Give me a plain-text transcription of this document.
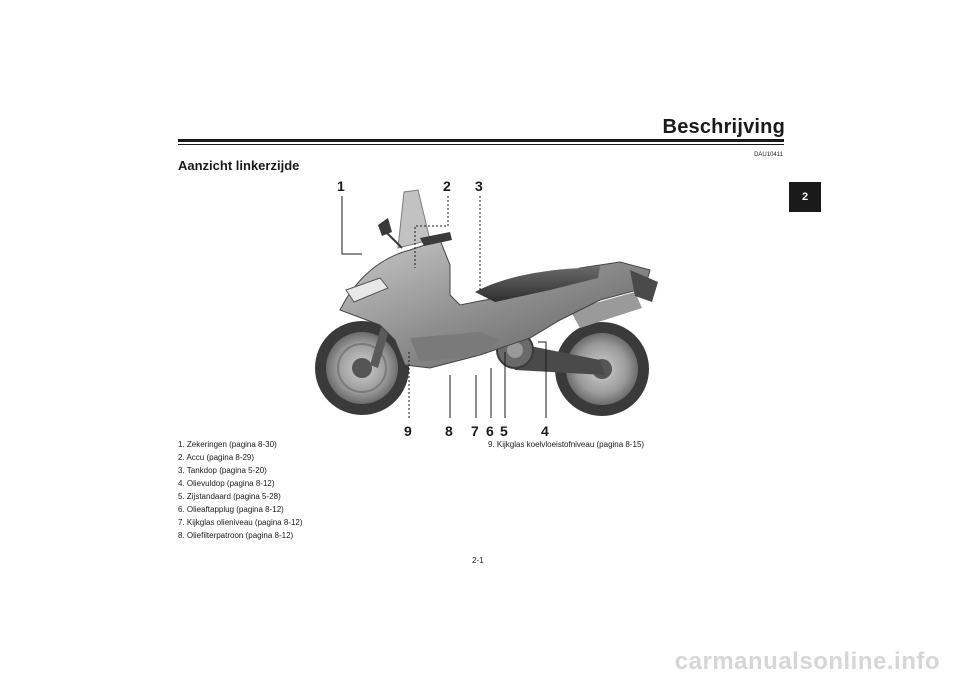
Beschrijving
2
DAU10411
Aanzicht linkerzijde
1	2 3
9 8 7 6 5 4
1. Zekeringen (pagina 8-30)
2. Accu (pagina 8-29)
3. Tankdop (pagina 5-20)
4. Olievuldop (pagina 8-12)
5. Zijstandaard (pagina 5-28)
6. Olieaftapplug (pagina 8-12)
7. Kijkglas olieniveau (pagina 8-12)
8. Oliefilterpatroon (pagina 8-12)
9. Kijkglas koelvloeistofniveau (pagina 8-15)
2-1
carmanualsonline.info
